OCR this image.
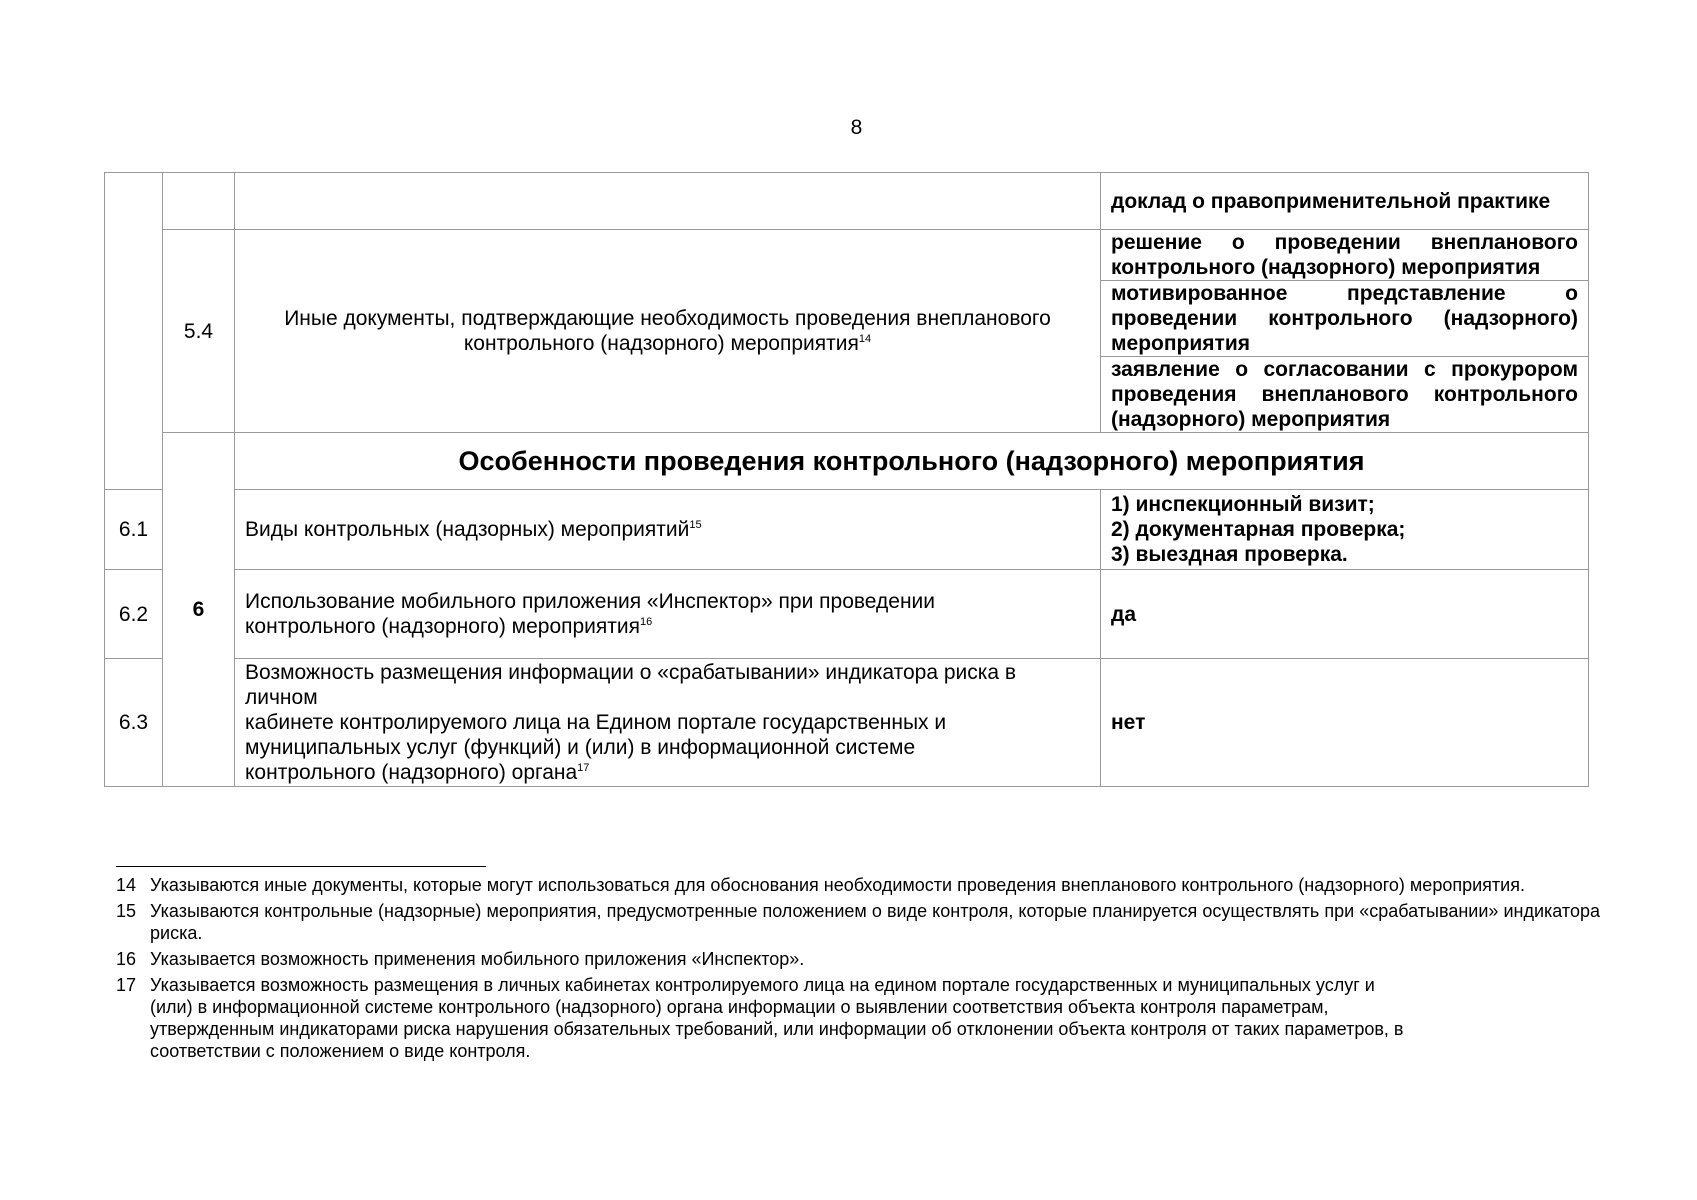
8

			доклад о правоприменительной практике

	5.4	Иные документы, подтверждающие необходимость проведения внепланового контрольного (надзорного) мероприятия$^{14}$	решение о проведении внепланового контрольного (надзорного) мероприятия
			мотивированное представление о проведении контрольного (надзорного) мероприятия
			заявление о согласовании с прокурором проведения внепланового контрольного (надзорного) мероприятия
	6	Особенности проведения контрольного (надзорного) мероприятия	
6.1		Виды контрольных (надзорных) мероприятий$^{15}$	1) инспекционный визит;
2) документарная проверка;
3) выездная проверка.

6.2		Использование мобильного приложения «Инспектор» при проведении
контрольного (надзорного) мероприятия$^{16}$	да
6.3		Возможность размещения информации о «срабатывании» индикатора риска в
личном
кабинете контролируемого лица на Едином портале государственных и
муниципальных услуг (функций) и (или) в информационной системе
контрольного (надзорного) органа$^{17}$	нет
14 Указываются иные документы, которые могут использоваться для обоснования необходимости проведения внепланового контрольного (надзорного) мероприятия.
15 Указываются контрольные (надзорные) мероприятия, предусмотренные положением о виде контроля, которые планируется осуществлять при «срабатывании» индикатора риска.
16 Указывается возможность применения мобильного приложения «Инспектор».
17 Указывается возможность размещения в личных кабинетах контролируемого лица на едином портале государственных и муниципальных услуг и
(или) в информационной системе контрольного (надзорного) органа информации о выявлении соответствия объекта контроля параметрам,
утвержденным индикаторами риска нарушения обязательных требований, или информации об отклонении объекта контроля от таких параметров, в
соответствии с положением о виде контроля.
